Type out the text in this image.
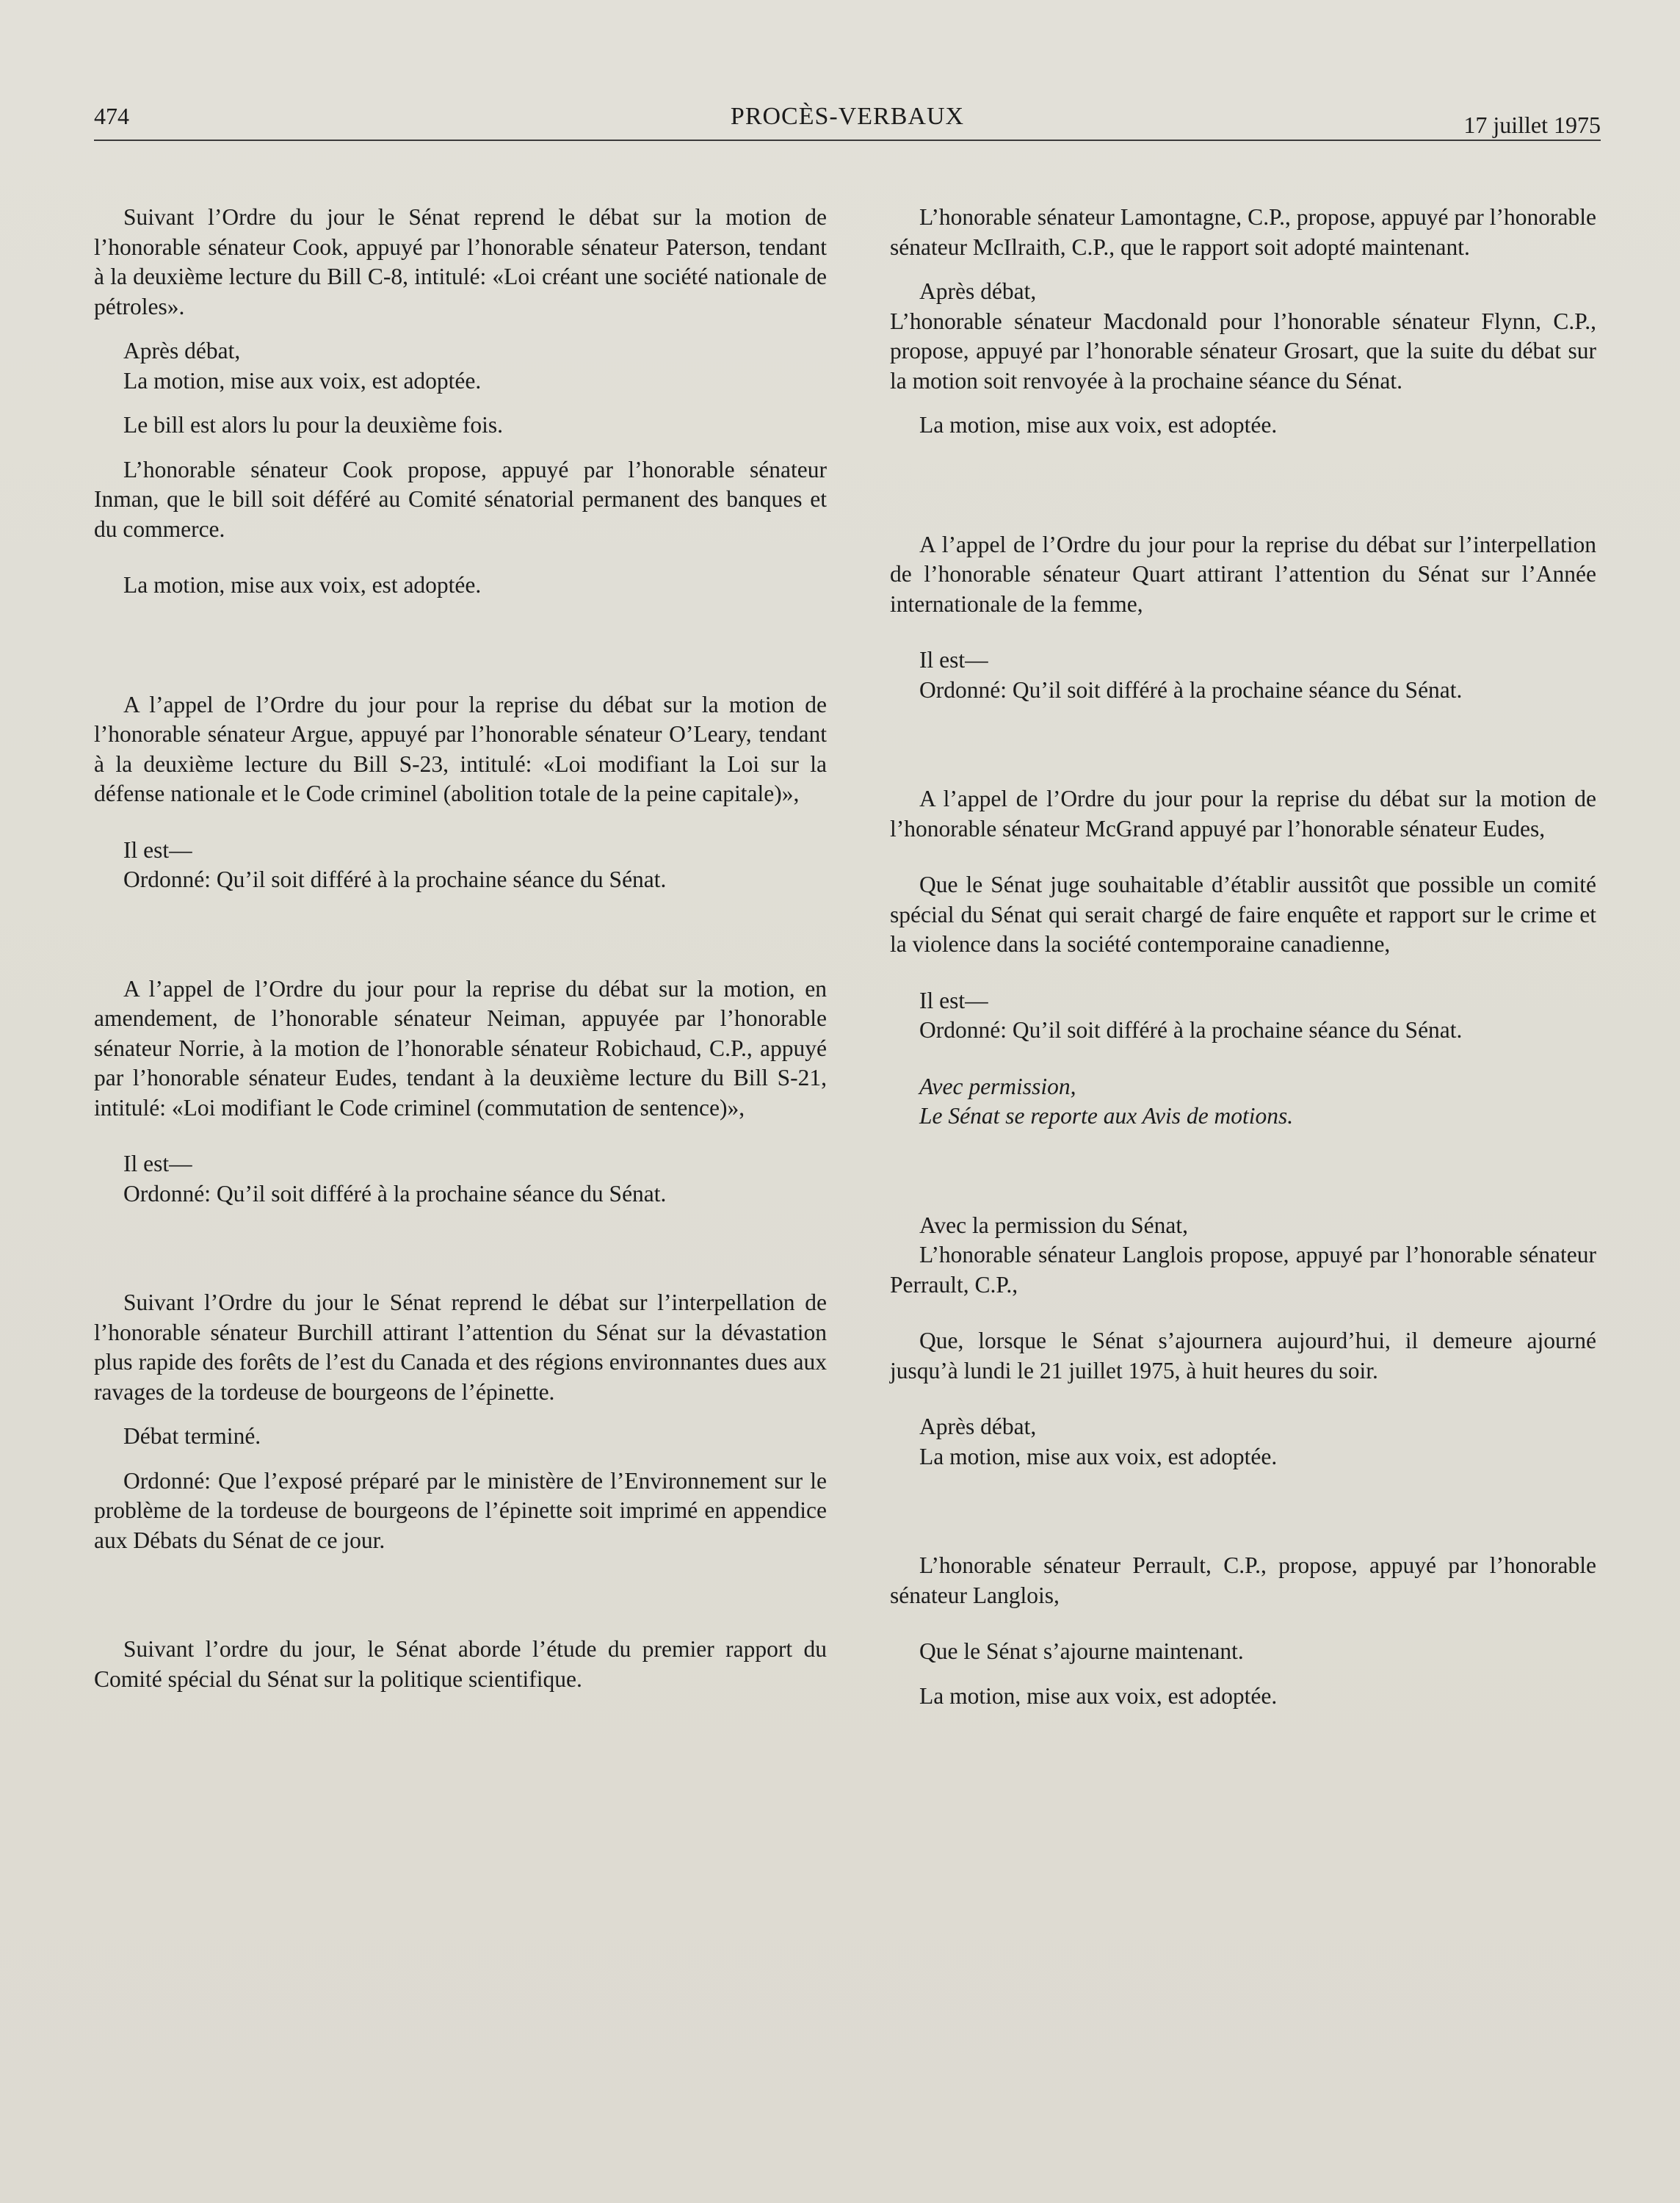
474	PROCÈS-VERBAUX	17 juillet 1975

Suivant l’Ordre du jour le Sénat reprend le débat sur la motion de l’honorable sénateur Cook, appuyé par l’honorable sénateur Paterson, tendant à la deuxième lecture du Bill C-8, intitulé: «Loi créant une société nationale de pétroles».

Après débat,

La motion, mise aux voix, est adoptée.

Le bill est alors lu pour la deuxième fois.

L’honorable sénateur Cook propose, appuyé par l’honorable sénateur Inman, que le bill soit déféré au Comité sénatorial permanent des banques et du commerce.

La motion, mise aux voix, est adoptée.

A l’appel de l’Ordre du jour pour la reprise du débat sur la motion de l’honorable sénateur Argue, appuyé par l’honorable sénateur O’Leary, tendant à la deuxième lecture du Bill S-23, intitulé: «Loi modifiant la Loi sur la défense nationale et le Code criminel (abolition totale de la peine capitale)»,

Il est—

Ordonné: Qu’il soit différé à la prochaine séance du Sénat.

A l’appel de l’Ordre du jour pour la reprise du débat sur la motion, en amendement, de l’honorable sénateur Neiman, appuyée par l’honorable sénateur Norrie, à la motion de l’honorable sénateur Robichaud, C.P., appuyé par l’honorable sénateur Eudes, tendant à la deuxième lecture du Bill S-21, intitulé: «Loi modifiant le Code criminel (commutation de sentence)»,

Il est—

Ordonné: Qu’il soit différé à la prochaine séance du Sénat.

Suivant l’Ordre du jour le Sénat reprend le débat sur l’interpellation de l’honorable sénateur Burchill attirant l’attention du Sénat sur la dévastation plus rapide des forêts de l’est du Canada et des régions environnantes dues aux ravages de la tordeuse de bourgeons de l’épinette.

Débat terminé.

Ordonné: Que l’exposé préparé par le ministère de l’Environnement sur le problème de la tordeuse de bourgeons de l’épinette soit imprimé en appendice aux Débats du Sénat de ce jour.

Suivant l’ordre du jour, le Sénat aborde l’étude du premier rapport du Comité spécial du Sénat sur la politique scientifique.

L’honorable sénateur Lamontagne, C.P., propose, appuyé par l’honorable sénateur McIlraith, C.P., que le rapport soit adopté maintenant.

Après débat,

L’honorable sénateur Macdonald pour l’honorable sénateur Flynn, C.P., propose, appuyé par l’honorable sénateur Grosart, que la suite du débat sur la motion soit renvoyée à la prochaine séance du Sénat.

La motion, mise aux voix, est adoptée.

A l’appel de l’Ordre du jour pour la reprise du débat sur l’interpellation de l’honorable sénateur Quart attirant l’attention du Sénat sur l’Année internationale de la femme,

Il est—

Ordonné: Qu’il soit différé à la prochaine séance du Sénat.

A l’appel de l’Ordre du jour pour la reprise du débat sur la motion de l’honorable sénateur McGrand appuyé par l’honorable sénateur Eudes,

Que le Sénat juge souhaitable d’établir aussitôt que possible un comité spécial du Sénat qui serait chargé de faire enquête et rapport sur le crime et la violence dans la société contemporaine canadienne,

Il est—

Ordonné: Qu’il soit différé à la prochaine séance du Sénat.

Avec permission,

Le Sénat se reporte aux Avis de motions.

Avec la permission du Sénat,

L’honorable sénateur Langlois propose, appuyé par l’honorable sénateur Perrault, C.P.,

Que, lorsque le Sénat s’ajournera aujourd’hui, il demeure ajourné jusqu’à lundi le 21 juillet 1975, à huit heures du soir.

Après débat,

La motion, mise aux voix, est adoptée.

L’honorable sénateur Perrault, C.P., propose, appuyé par l’honorable sénateur Langlois,

Que le Sénat s’ajourne maintenant.

La motion, mise aux voix, est adoptée.
